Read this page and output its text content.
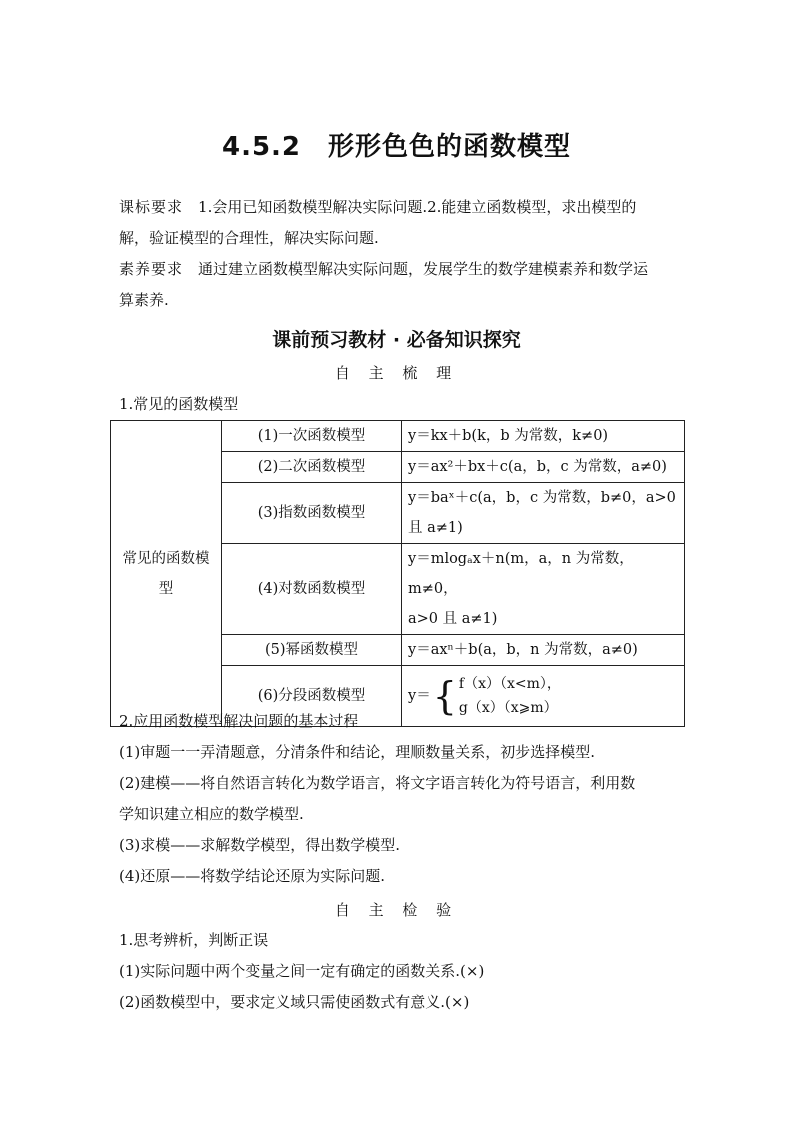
4.5.2　形形色色的函数模型
课标要求　 1.会用已知函数模型解决实际问题.2.能建立函数模型，求出模型的
解，验证模型的合理性，解决实际问题.
素养要求　 通过建立函数模型解决实际问题，发展学生的数学建模素养和数学运
算素养.
课前预习教材 · 必备知识探究
自 主 梳 理
1.常见的函数模型
常见的函数模
型	(1)一次函数模型	y＝kx＋b(k，b 为常数，k≠0)
	(2)二次函数模型	y＝ax²＋bx＋c(a，b，c 为常数，a≠0)
	(3)指数函数模型	y＝baˣ＋c(a，b，c 为常数，b≠0，a>0
且 a≠1)

	(4)对数函数模型	y＝mlogₐx＋n(m，a，n 为常数，m≠0，
a>0 且 a≠1)

	(5)幂函数模型	y＝axⁿ＋b(a，b，n 为常数，a≠0)
	(6)分段函数模型	y＝ { f（x）（x<m），
g（x）（x⩾m）
2.应用函数模型解决问题的基本过程
(1)审题一一弄清题意，分清条件和结论，理顺数量关系，初步选择模型.
(2)建模——将自然语言转化为数学语言，将文字语言转化为符号语言，利用数
学知识建立相应的数学模型.
(3)求模——求解数学模型，得出数学模型.
(4)还原——将数学结论还原为实际问题.
自 主 检 验
1.思考辨析，判断正误
(1)实际问题中两个变量之间一定有确定的函数关系.(×)
(2)函数模型中，要求定义域只需使函数式有意义.(×)
